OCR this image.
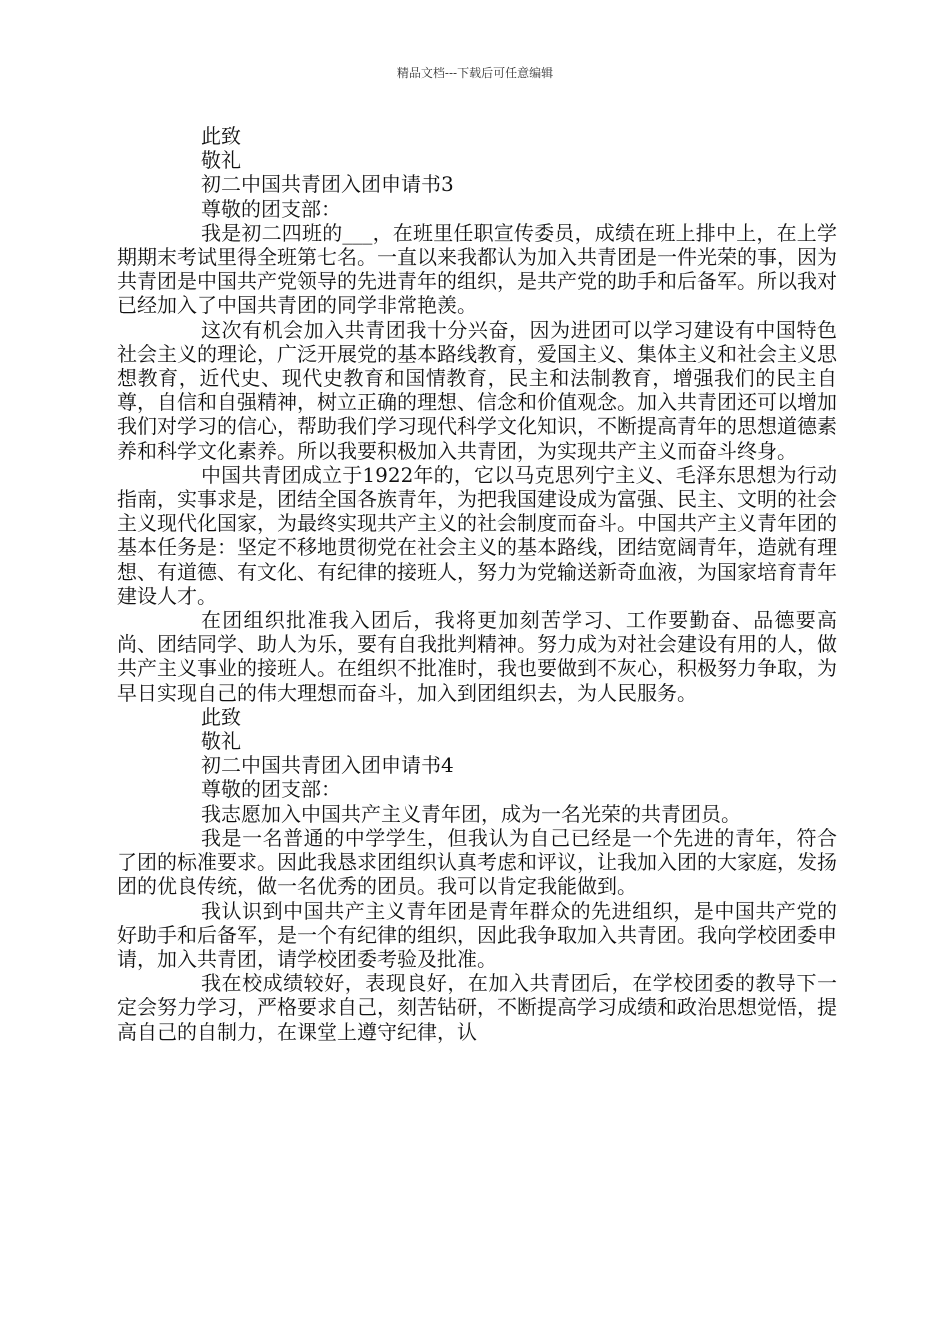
精品文档---下载后可任意编辑

此致

敬礼

初二中国共青团入团申请书3

尊敬的团支部：

我是初二四班的___，在班里任职宣传委员，成绩在班上排中上，在上学期期末考试里得全班第七名。一直以来我都认为加入共青团是一件光荣的事，因为共青团是中国共产党领导的先进青年的组织，是共产党的助手和后备军。所以我对已经加入了中国共青团的同学非常艳羡。

这次有机会加入共青团我十分兴奋，因为进团可以学习建设有中国特色社会主义的理论，广泛开展党的基本路线教育，爱国主义、集体主义和社会主义思想教育，近代史、现代史教育和国情教育，民主和法制教育，增强我们的民主自尊，自信和自强精神，树立正确的理想、信念和价值观念。加入共青团还可以增加我们对学习的信心，帮助我们学习现代科学文化知识，不断提高青年的思想道德素养和科学文化素养。所以我要积极加入共青团，为实现共产主义而奋斗终身。

中国共青团成立于1922年的，它以马克思列宁主义、毛泽东思想为行动指南，实事求是，团结全国各族青年，为把我国建设成为富强、民主、文明的社会主义现代化国家，为最终实现共产主义的社会制度而奋斗。中国共产主义青年团的基本任务是：坚定不移地贯彻党在社会主义的基本路线，团结宽阔青年，造就有理想、有道德、有文化、有纪律的接班人，努力为党输送新奇血液，为国家培育青年建设人才。

在团组织批准我入团后，我将更加刻苦学习、工作要勤奋、品德要高尚、团结同学、助人为乐，要有自我批判精神。努力成为对社会建设有用的人，做共产主义事业的接班人。在组织不批准时，我也要做到不灰心，积极努力争取，为早日实现自己的伟大理想而奋斗，加入到团组织去，为人民服务。

此致

敬礼

初二中国共青团入团申请书4

尊敬的团支部：

我志愿加入中国共产主义青年团，成为一名光荣的共青团员。

我是一名普通的中学学生，但我认为自己已经是一个先进的青年，符合了团的标准要求。因此我恳求团组织认真考虑和评议，让我加入团的大家庭，发扬团的优良传统，做一名优秀的团员。我可以肯定我能做到。

我认识到中国共产主义青年团是青年群众的先进组织，是中国共产党的好助手和后备军，是一个有纪律的组织，因此我争取加入共青团。我向学校团委申请，加入共青团，请学校团委考验及批准。

我在校成绩较好，表现良好，在加入共青团后，在学校团委的教导下一定会努力学习，严格要求自己，刻苦钻研，不断提高学习成绩和政治思想觉悟，提高自己的自制力，在课堂上遵守纪律，认
